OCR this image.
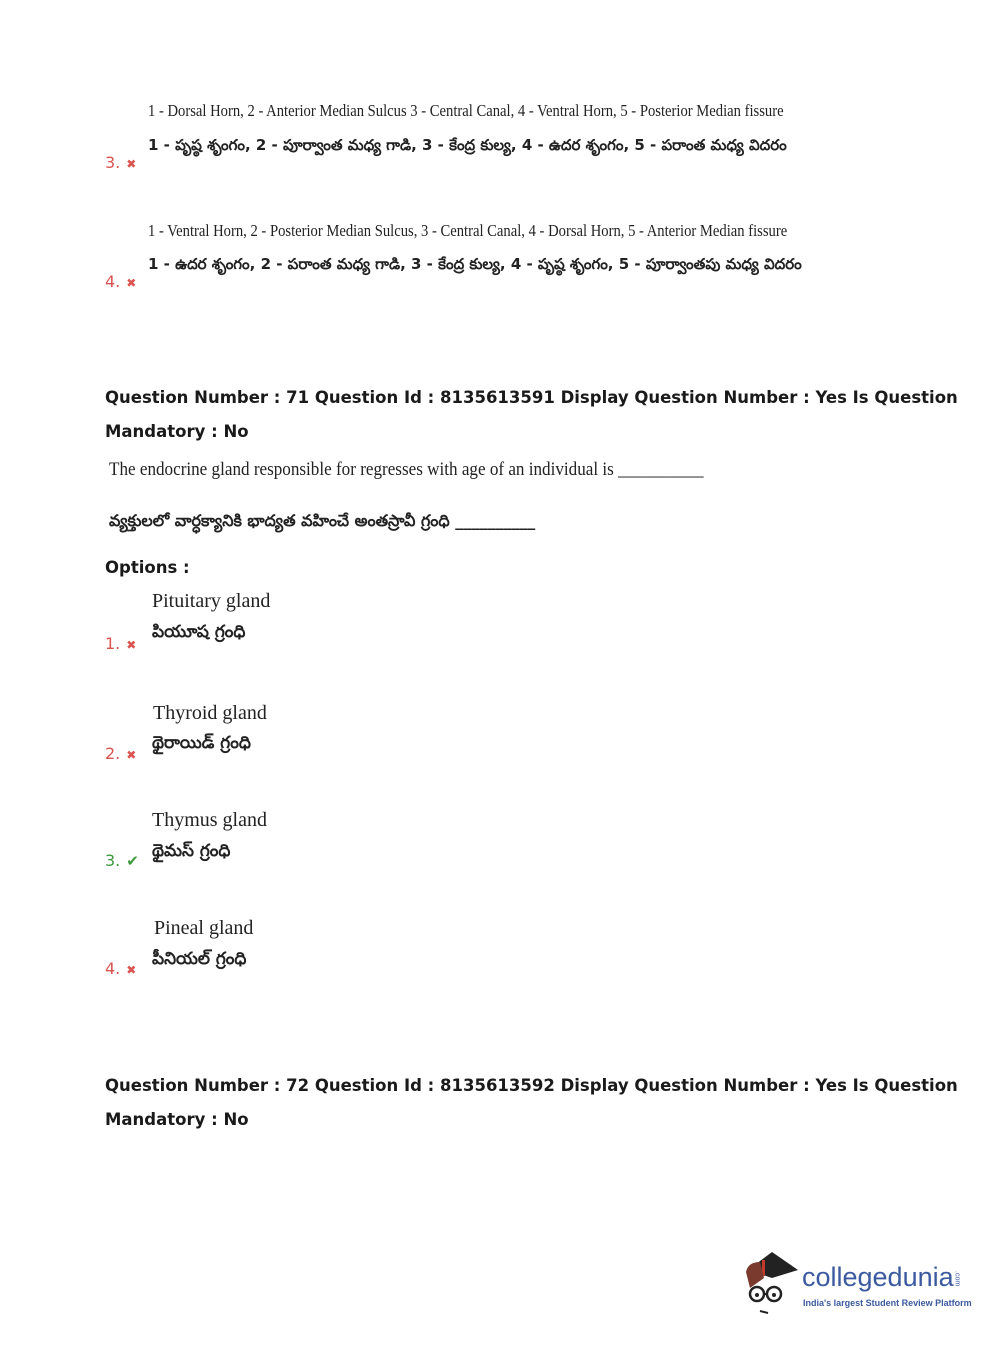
1 - Dorsal Horn, 2 - Anterior Median Sulcus 3 - Central Canal, 4 - Ventral Horn, 5 - Posterior Median fissure
1 - పృష్ఠ శృంగం, 2 - పూర్వాంత మధ్య గాడి, 3 - కేంద్ర కుల్య, 4 - ఉదర శృంగం, 5 - పరాంత మధ్య విదరం
3. ✖
1 - Ventral Horn, 2 - Posterior Median Sulcus, 3 - Central Canal, 4 - Dorsal Horn, 5 - Anterior Median fissure
1 - ఉదర శృంగం, 2 - పరాంత మధ్య గాడి, 3 - కేంద్ర కుల్య, 4 - పృష్ఠ శృంగం, 5 - పూర్వాంతపు మధ్య విదరం
4. ✖
Question Number : 71 Question Id : 8135613591 Display Question Number : Yes Is Question
Mandatory : No
The endocrine gland responsible for regresses with age of an individual is __________
వ్యక్తులలో వార్ధక్యానికి భాద్యత వహించే అంతస్రావీ గ్రంధి __________
Options :
Pituitary gland
పియూష గ్రంధి
1. ✖
Thyroid gland
థైరాయిడ్ గ్రంధి
2. ✖
Thymus gland
థైమస్ గ్రంధి
3. ✔
Pineal gland
పీనియల్ గ్రంధి
4. ✖
Question Number : 72 Question Id : 8135613592 Display Question Number : Yes Is Question
Mandatory : No
collegedunia.com
India's largest Student Review Platform
